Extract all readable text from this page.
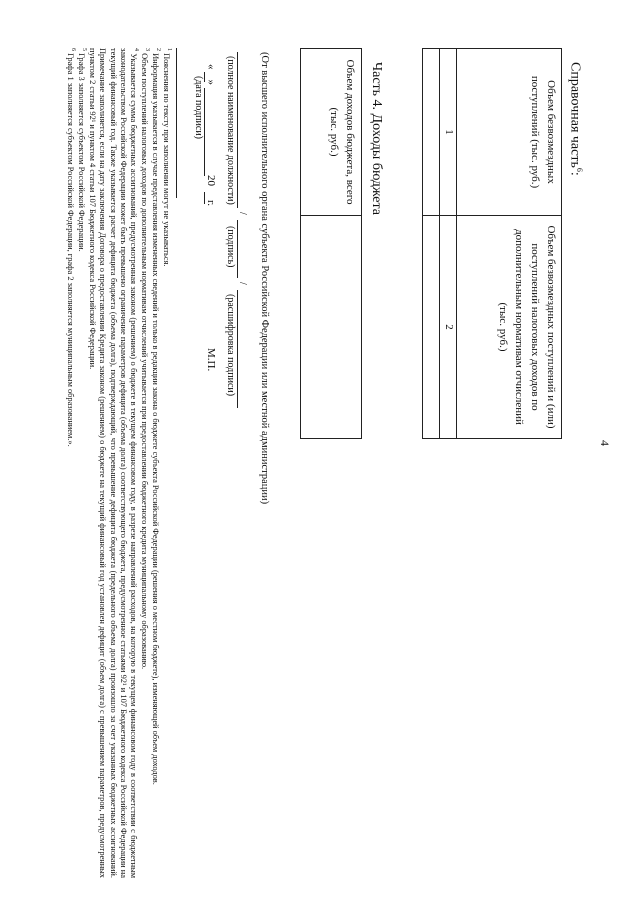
4
Справочная часть$^6$:
Объем безвозмездных поступлений (тыс. руб.)	Объем безвозмездных поступлений и (или) поступлений налоговых доходов по дополнительным нормативам отчислений (тыс. руб.)
1	2

Часть 4. Доходы бюджета
Объем доходов бюджета, всего (тыс. руб.)	
(От высшего исполнительного органа субъекта Российской Федерации или местной администрации)
/
/
(полное наименование должности)
(подпись)
(расшифровка подписи)
«»20г.
(дата подписи)
М.П.

$^1$ Пояснения по тексту при заполнении могут не указываться.

$^2$ Информация указывается в случае представления измененных сведений и только в редакции закона о бюджете субъекта Российской Федерации (решения о местном бюджете), изменяющей объем доходов.

$^3$ Объем поступлений налоговых доходов по дополнительным нормативам отчислений учитывается при предоставлении бюджетного кредита муниципальному образованию.

$^4$ Указывается сумма бюджетных ассигнований, предусмотренная законом (решением) о бюджете в текущем финансовом году, в разрезе направлений расходов, на которую в текущем финансовом году в соответствии с бюджетным законодательством Российской Федерации может быть превышено ограничение параметров дефицита (объема долга) соответствующего бюджета, предусмотренное статьями 92¹ и 107 Бюджетного кодекса Российской Федерации на текущий финансовый год. Также указывается расчет дефицита бюджета (объема долга), подтверждающий, что превышение дефицита бюджета (предельного объема долга) произошло за счет указанных бюджетных ассигнований. Примечание заполняется, если на дату заключения Договора о предоставлении Кредита законом (решением) о бюджете на текущий финансовый год установлен дефицит (объем долга) с превышением параметров, предусмотренных пунктом 2 статьи 92¹ и пунктом 4 статьи 107 Бюджетного кодекса Российской Федерации.

$^5$ Графа 3 заполняется субъектом Российской Федерации.

$^6$ Графа 1 заполняется субъектом Российской Федерации, графа 2 заполняется муниципальным образованием.».
